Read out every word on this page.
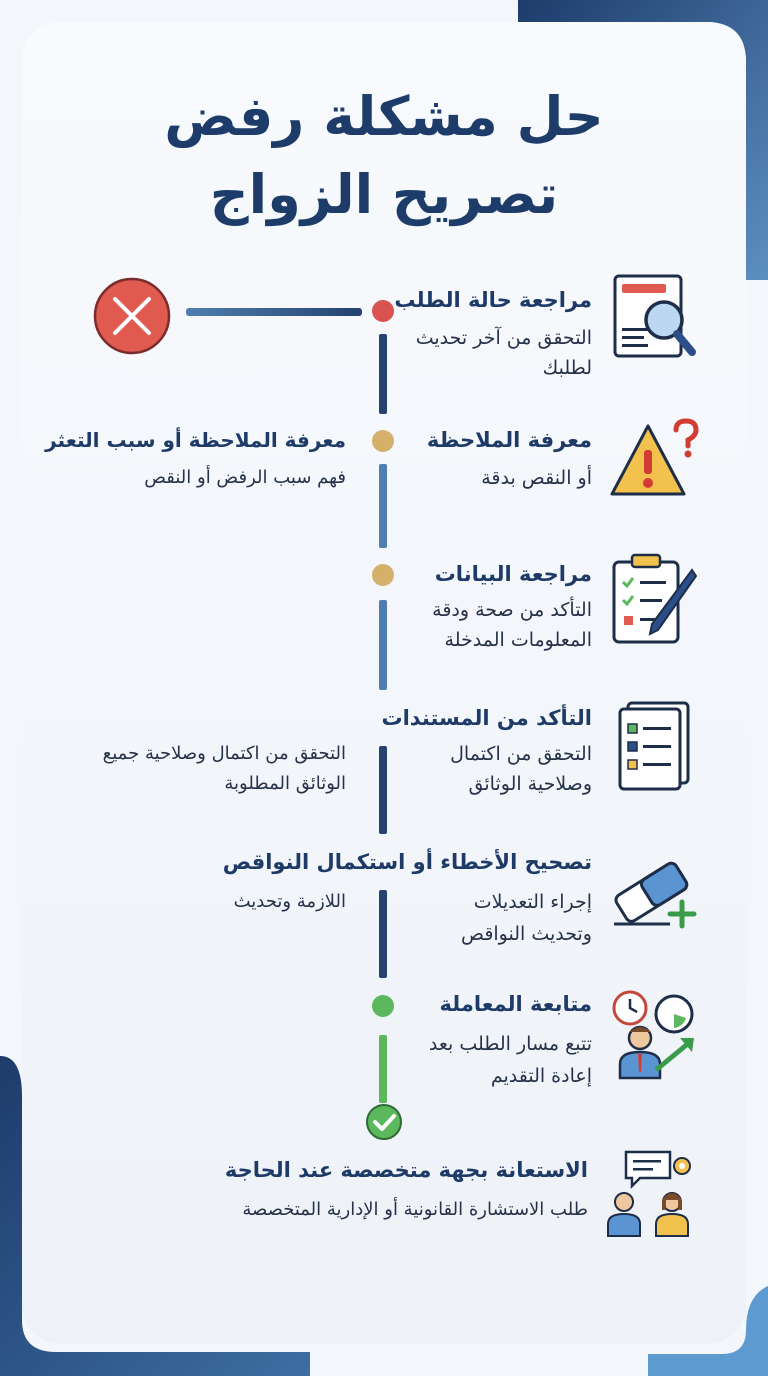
حل مشكلة رفض
تصريح الزواج
مراجعة حالة الطلب
التحقق من آخر تحديث
لطلبك
معرفة الملاحظة
أو النقص بدقة
معرفة الملاحظة أو سبب التعثر
فهم سبب الرفض أو النقص
مراجعة البيانات
التأكد من صحة ودقة
المعلومات المدخلة
التأكد من المستندات
التحقق من اكتمال
وصلاحية الوثائق
التحقق من اكتمال وصلاحية جميع
الوثائق المطلوبة
تصحيح الأخطاء أو استكمال النواقص
إجراء التعديلات
وتحديث النواقص
اللازمة وتحديث
متابعة المعاملة
تتبع مسار الطلب بعد
إعادة التقديم
الاستعانة بجهة متخصصة عند الحاجة
طلب الاستشارة القانونية أو الإدارية المتخصصة
